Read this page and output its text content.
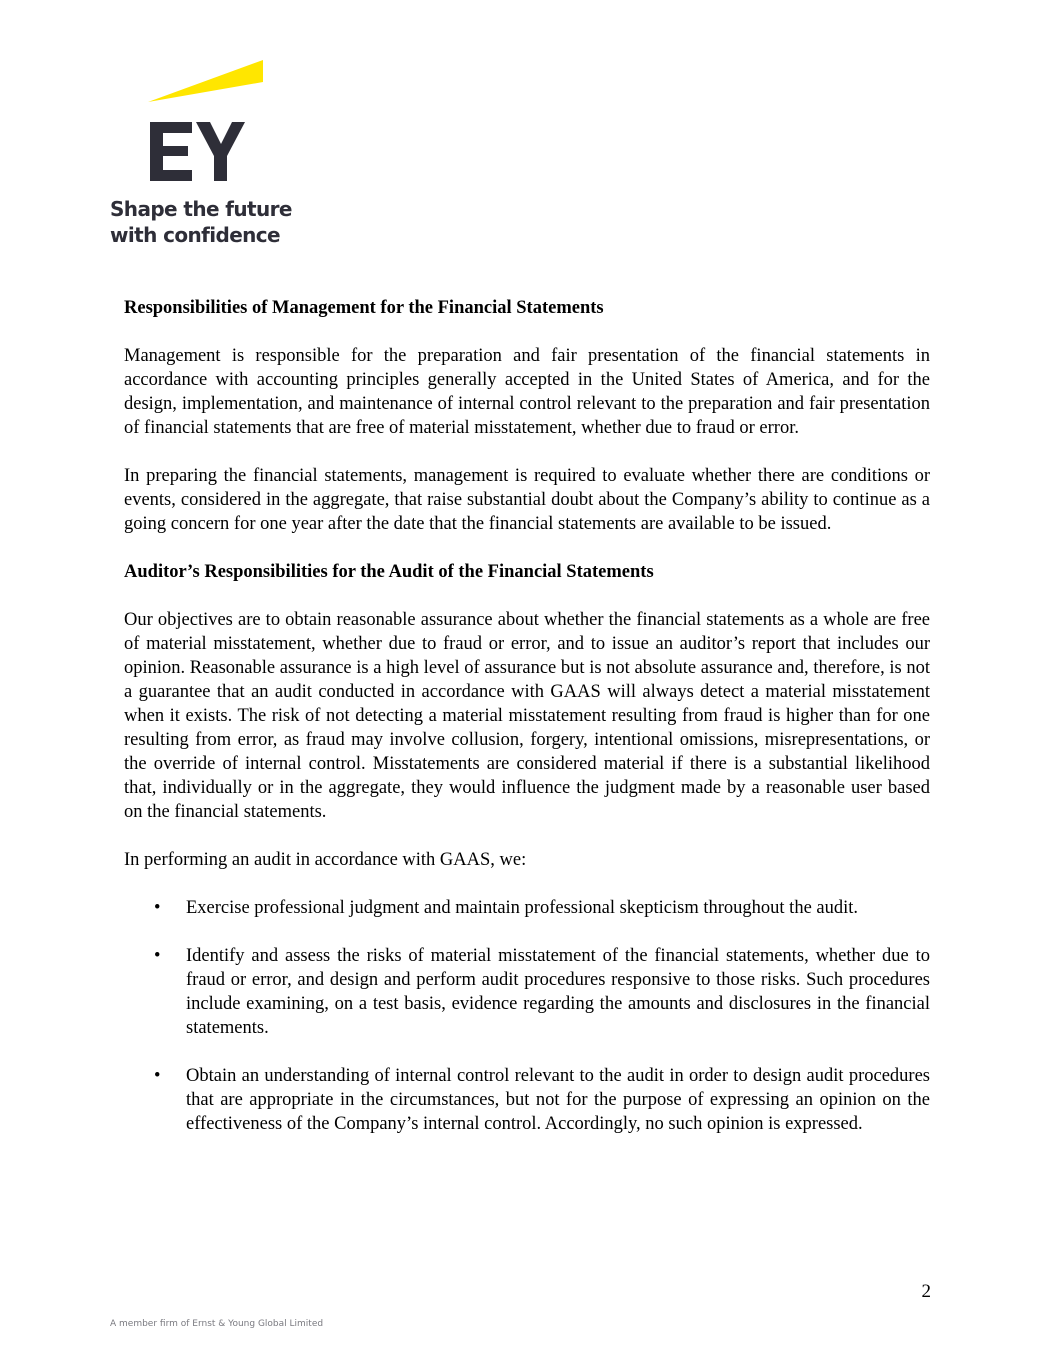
Shape the future
with confidence
Responsibilities of Management for the Financial Statements

Management is responsible for the preparation and fair presentation of the financial statements in accordance with accounting principles generally accepted in the United States of America, and for the design, implementation, and maintenance of internal control relevant to the preparation and fair presentation of financial statements that are free of material misstatement, whether due to fraud or error.

In preparing the financial statements, management is required to evaluate whether there are conditions or events, considered in the aggregate, that raise substantial doubt about the Company’s ability to continue as a going concern for one year after the date that the financial statements are available to be issued.

Auditor’s Responsibilities for the Audit of the Financial Statements

Our objectives are to obtain reasonable assurance about whether the financial statements as a whole are free of material misstatement, whether due to fraud or error, and to issue an auditor’s report that includes our opinion. Reasonable assurance is a high level of assurance but is not absolute assurance and, therefore, is not a guarantee that an audit conducted in accordance with GAAS will always detect a material misstatement when it exists. The risk of not detecting a material misstatement resulting from fraud is higher than for one resulting from error, as fraud may involve collusion, forgery, intentional omissions, misrepresentations, or the override of internal control. Misstatements are considered material if there is a substantial likelihood that, individually or in the aggregate, they would influence the judgment made by a reasonable user based on the financial statements.

In performing an audit in accordance with GAAS, we:

• Exercise professional judgment and maintain professional skepticism throughout the audit.
• Identify and assess the risks of material misstatement of the financial statements, whether due to fraud or error, and design and perform audit procedures responsive to those risks. Such procedures include examining, on a test basis, evidence regarding the amounts and disclosures in the financial statements.
• Obtain an understanding of internal control relevant to the audit in order to design audit procedures that are appropriate in the circumstances, but not for the purpose of expressing an opinion on the effectiveness of the Company’s internal control. Accordingly, no such opinion is expressed.
2
A member firm of Ernst & Young Global Limited
